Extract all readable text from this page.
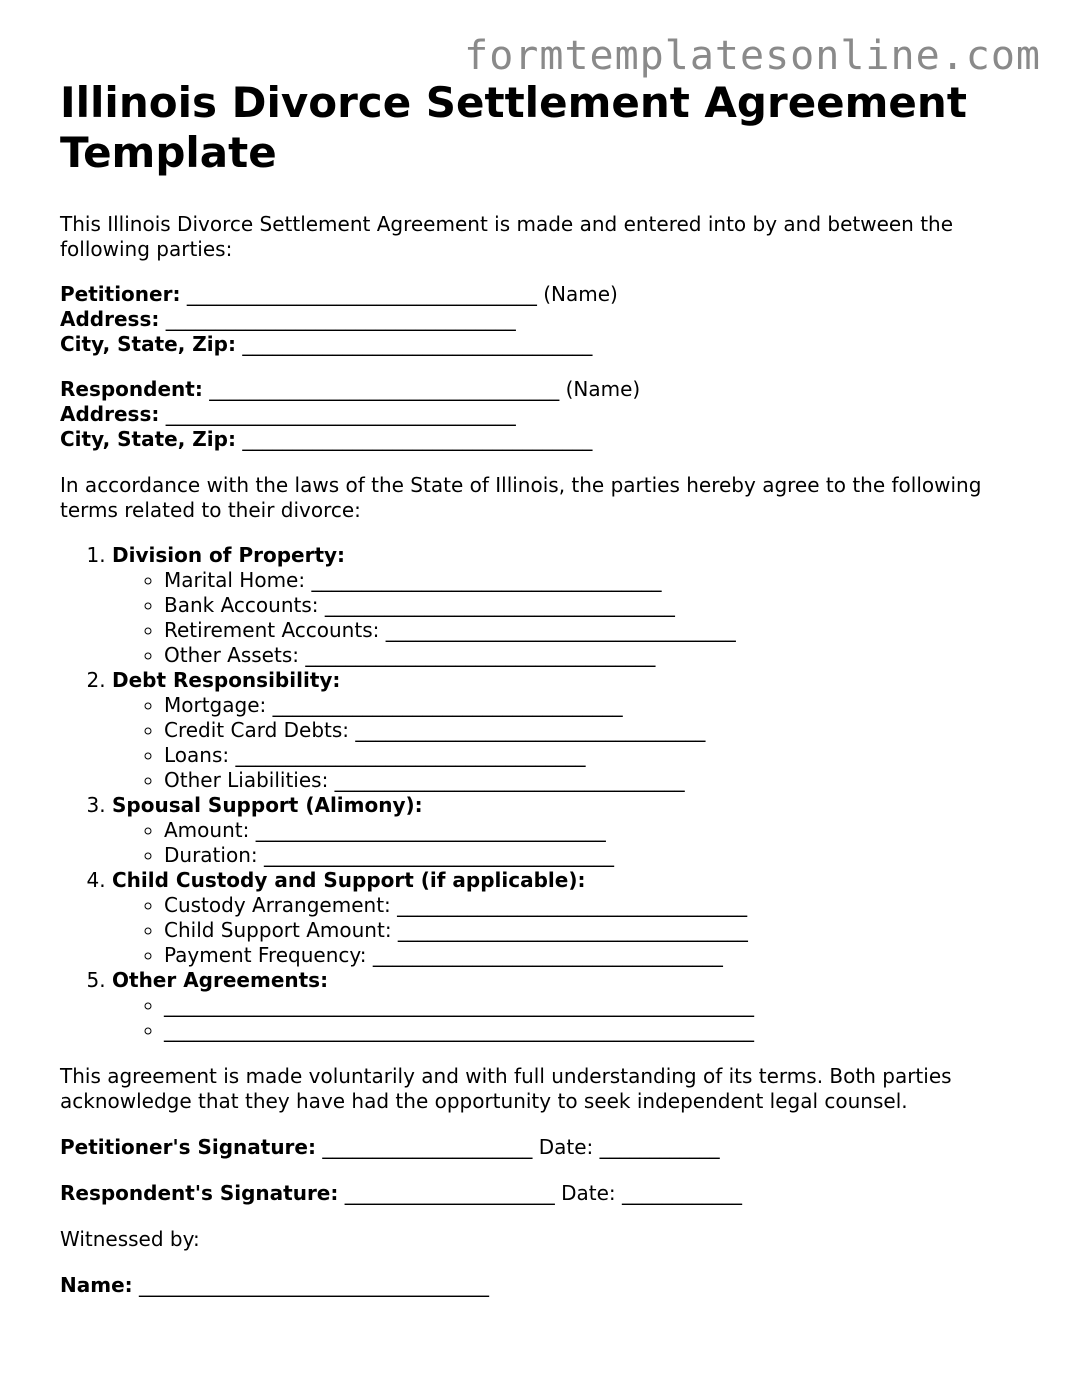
formtemplatesonline.com
Illinois Divorce Settlement Agreement Template

This Illinois Divorce Settlement Agreement is made and entered into by and between the following parties:

Petitioner: ___________________________________ (Name)
Address: ___________________________________
City, State, Zip: ___________________________________
Respondent: ___________________________________ (Name)
Address: ___________________________________
City, State, Zip: ___________________________________

In accordance with the laws of the State of Illinois, the parties hereby agree to the following terms related to their divorce:

1. Division of Property:
◦ Marital Home: ___________________________________
◦ Bank Accounts: ___________________________________
◦ Retirement Accounts: ___________________________________
◦ Other Assets: ___________________________________
2. Debt Responsibility:
◦ Mortgage: ___________________________________
◦ Credit Card Debts: ___________________________________
◦ Loans: ___________________________________
◦ Other Liabilities: ___________________________________
3. Spousal Support (Alimony):
◦ Amount: ___________________________________
◦ Duration: ___________________________________
4. Child Custody and Support (if applicable):
◦ Custody Arrangement: ___________________________________
◦ Child Support Amount: ___________________________________
◦ Payment Frequency: ___________________________________
5. Other Agreements:
◦ ___________________________________________________________
◦ ___________________________________________________________

This agreement is made voluntarily and with full understanding of its terms. Both parties acknowledge that they have had the opportunity to seek independent legal counsel.

Petitioner's Signature: _____________________ Date: ____________
Respondent's Signature: _____________________ Date: ____________
Witnessed by:
Name: ___________________________________
